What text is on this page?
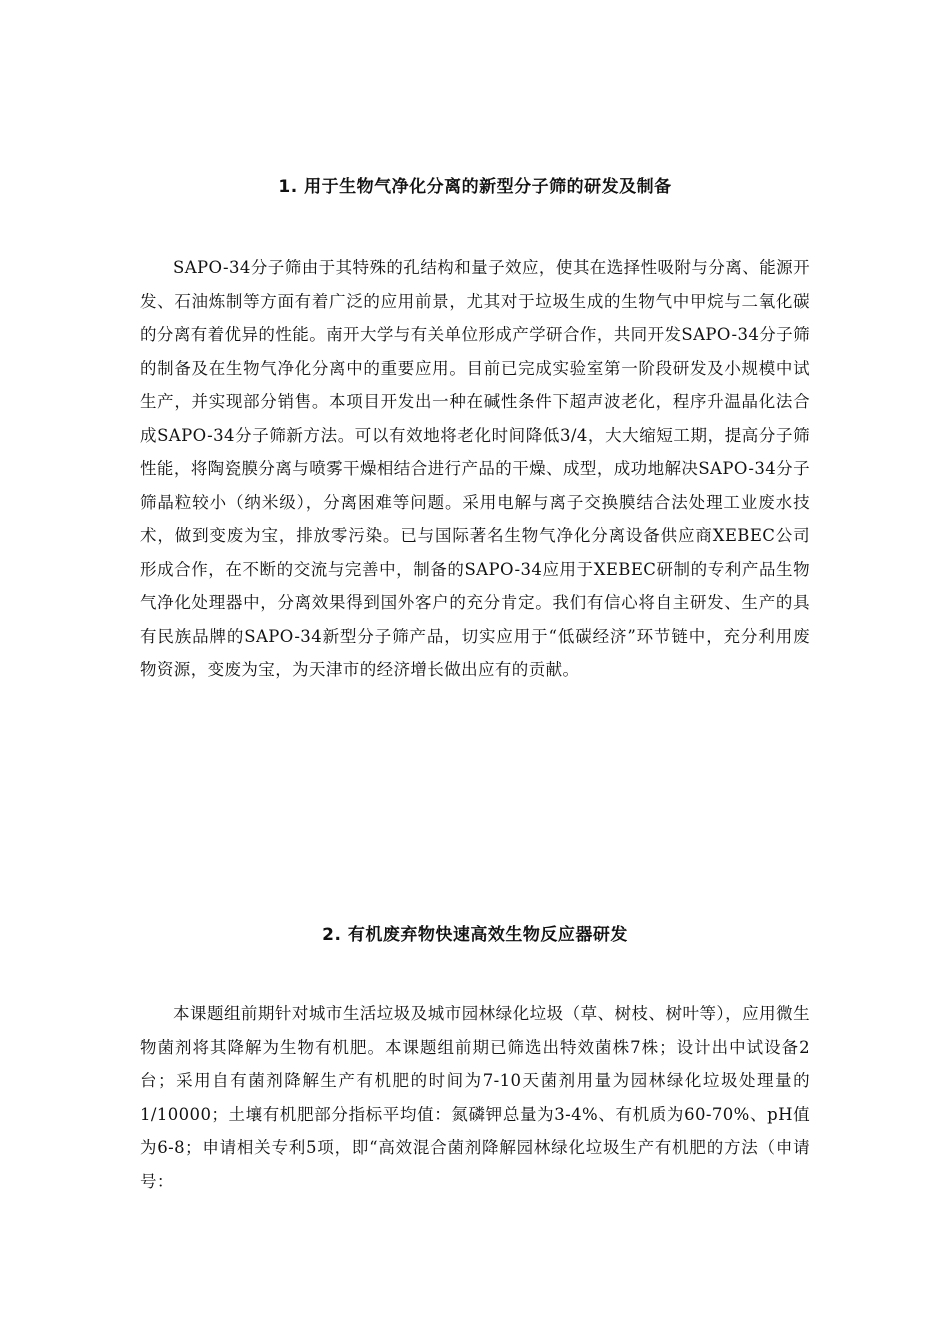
1. 用于生物气净化分离的新型分子筛的研发及制备

SAPO-34分子筛由于其特殊的孔结构和量子效应，使其在选择性吸附与分离、能源开发、石油炼制等方面有着广泛的应用前景，尤其对于垃圾生成的生物气中甲烷与二氧化碳的分离有着优异的性能。南开大学与有关单位形成产学研合作，共同开发SAPO-34分子筛的制备及在生物气净化分离中的重要应用。目前已完成实验室第一阶段研发及小规模中试生产，并实现部分销售。本项目开发出一种在碱性条件下超声波老化，程序升温晶化法合成SAPO-34分子筛新方法。可以有效地将老化时间降低3/4，大大缩短工期，提高分子筛性能，将陶瓷膜分离与喷雾干燥相结合进行产品的干燥、成型，成功地解决SAPO-34分子筛晶粒较小（纳米级），分离困难等问题。采用电解与离子交换膜结合法处理工业废水技术，做到变废为宝，排放零污染。已与国际著名生物气净化分离设备供应商XEBEC公司形成合作，在不断的交流与完善中，制备的SAPO-34应用于XEBEC研制的专利产品生物气净化处理器中，分离效果得到国外客户的充分肯定。我们有信心将自主研发、生产的具有民族品牌的SAPO-34新型分子筛产品，切实应用于“低碳经济”环节链中，充分利用废物资源，变废为宝，为天津市的经济增长做出应有的贡献。

2. 有机废弃物快速高效生物反应器研发

本课题组前期针对城市生活垃圾及城市园林绿化垃圾（草、树枝、树叶等），应用微生物菌剂将其降解为生物有机肥。本课题组前期已筛选出特效菌株7株；设计出中试设备2台；采用自有菌剂降解生产有机肥的时间为7-10天菌剂用量为园林绿化垃圾处理量的1/10000；土壤有机肥部分指标平均值：氮磷钾总量为3-4%、有机质为60-70%、pH值为6-8；申请相关专利5项，即“高效混合菌剂降解园林绿化垃圾生产有机肥的方法（申请号：
